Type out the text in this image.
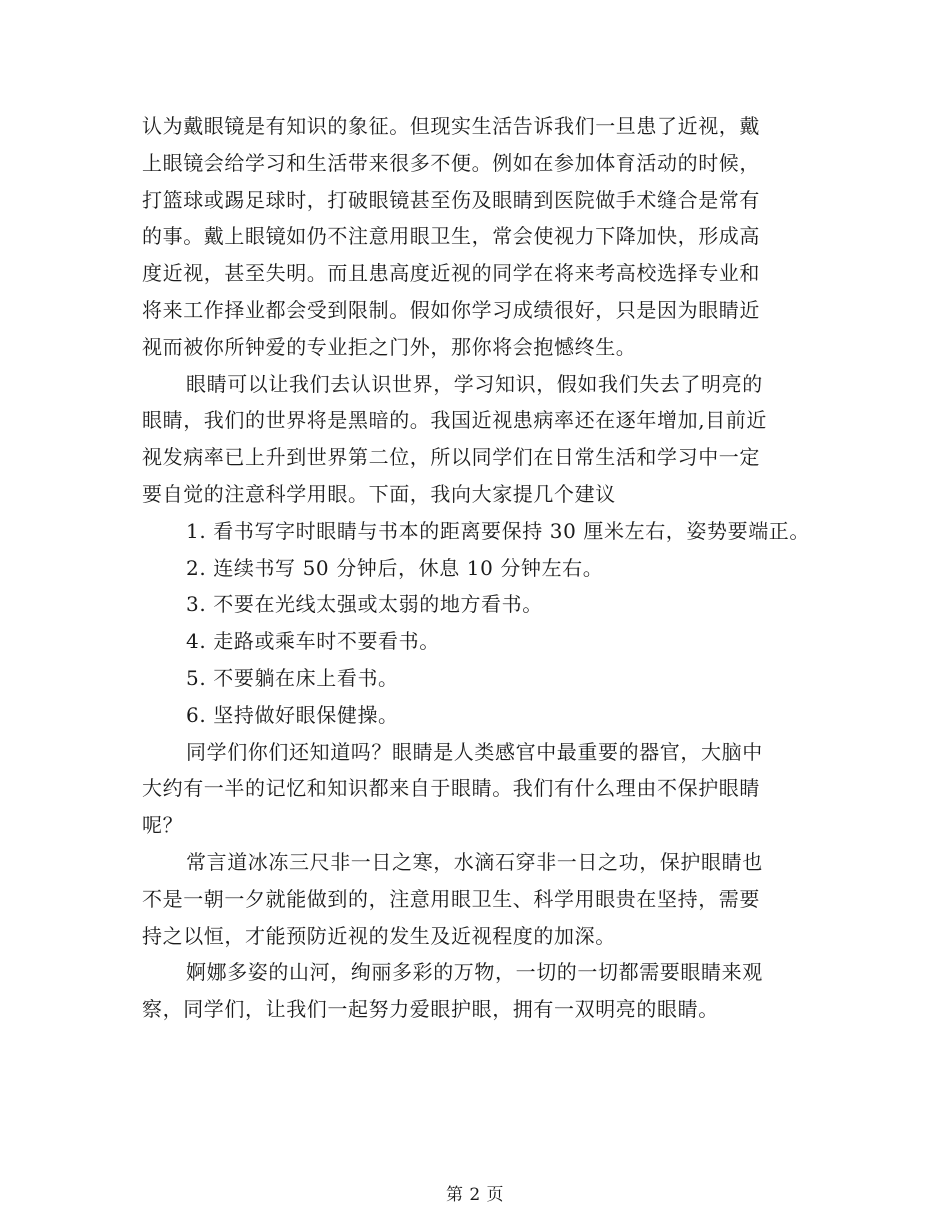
认为戴眼镜是有知识的象征。但现实生活告诉我们一旦患了近视，戴
上眼镜会给学习和生活带来很多不便。例如在参加体育活动的时候，
打篮球或踢足球时，打破眼镜甚至伤及眼睛到医院做手术缝合是常有
的事。戴上眼镜如仍不注意用眼卫生，常会使视力下降加快，形成高
度近视，甚至失明。而且患高度近视的同学在将来考高校选择专业和
将来工作择业都会受到限制。假如你学习成绩很好，只是因为眼睛近
视而被你所钟爱的专业拒之门外，那你将会抱憾终生。
眼睛可以让我们去认识世界，学习知识，假如我们失去了明亮的
眼睛，我们的世界将是黑暗的。我国近视患病率还在逐年增加,目前近
视发病率已上升到世界第二位，所以同学们在日常生活和学习中一定
要自觉的注意科学用眼。下面，我向大家提几个建议
1. 看书写字时眼睛与书本的距离要保持 30 厘米左右，姿势要端正。
2. 连续书写 50 分钟后，休息 10 分钟左右。
3. 不要在光线太强或太弱的地方看书。
4. 走路或乘车时不要看书。
5. 不要躺在床上看书。
6. 坚持做好眼保健操。
同学们你们还知道吗？眼睛是人类感官中最重要的器官，大脑中
大约有一半的记忆和知识都来自于眼睛。我们有什么理由不保护眼睛
呢？
常言道冰冻三尺非一日之寒，水滴石穿非一日之功，保护眼睛也
不是一朝一夕就能做到的，注意用眼卫生、科学用眼贵在坚持，需要
持之以恒，才能预防近视的发生及近视程度的加深。
婀娜多姿的山河，绚丽多彩的万物，一切的一切都需要眼睛来观
察，同学们，让我们一起努力爱眼护眼，拥有一双明亮的眼睛。
第 2 页
